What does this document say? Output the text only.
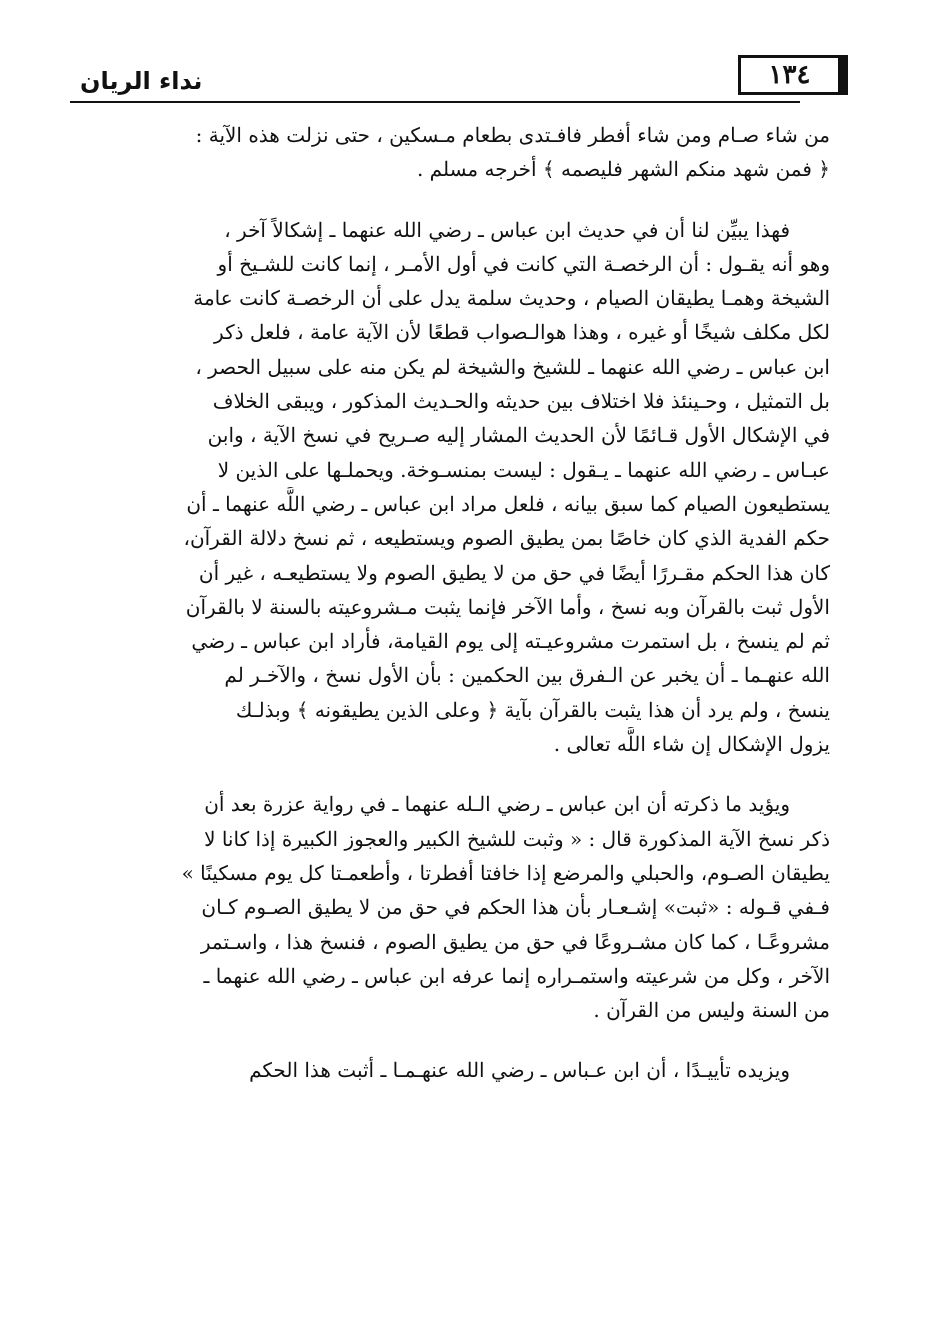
١٣٤
نداء الريان
من شاء صـام ومن شاء أفطر فافـتدى بطعام مـسكين ، حتى نزلت هذه الآية :
﴿ فمن شهد منكم الشهر فليصمه ﴾ أخرجه مسلم .
فهذا يبيِّن لنا أن في حديث ابن عباس ـ رضي الله عنهما ـ إشكالاً آخر ،
وهو أنه يقـول : أن الرخصـة التي كانت في أول الأمـر ، إنما كانت للشـيخ أو
الشيخة وهمـا يطيقان الصيام ، وحديث سلمة يدل على أن الرخصـة كانت عامة
لكل مكلف شيخًا أو غيره ، وهذا هوالـصواب قطعًا لأن الآية عامة ، فلعل ذكر
ابن عباس ـ رضي الله عنهما ـ للشيخ والشيخة لم يكن منه على سبيل الحصر ،
بل التمثيل ، وحـينئذ فلا اختلاف بين حديثه والحـديث المذكور ، ويبقى الخلاف
في الإشكال الأول قـائمًا لأن الحديث المشار إليه صـريح في نسخ الآية ، وابن
عبـاس ـ رضي الله عنهما ـ يـقول : ليست بمنسـوخة. ويحملـها على الذين لا
يستطيعون الصيام كما سبق بيانه ، فلعل مراد ابن عباس ـ رضي اللَّه عنهما ـ أن
حكم الفدية الذي كان خاصًا بمن يطيق الصوم ويستطيعه ، ثم نسخ دلالة القرآن،
كان هذا الحكم مقـررًا أيضًا في حق من لا يطيق الصوم ولا يستطيعـه ، غير أن
الأول ثبت بالقرآن وبه نسخ ، وأما الآخر فإنما يثبت مـشروعيته بالسنة لا بالقرآن
ثم لم ينسخ ، بل استمرت مشروعيـته إلى يوم القيامة، فأراد ابن عباس ـ رضي
الله عنهـما ـ أن يخبر عن الـفرق بين الحكمين : بأن الأول نسخ ، والآخـر لم
ينسخ ، ولم يرد أن هذا يثبت بالقرآن بآية ﴿ وعلى الذين يطيقونه ﴾ وبذلـك
يزول الإشكال إن شاء اللَّه تعالى .
ويؤيد ما ذكرته أن ابن عباس ـ رضي الـله عنهما ـ في رواية عزرة بعد أن
ذكر نسخ الآية المذكورة قال : « وثبت للشيخ الكبير والعجوز الكبيرة إذا كانا لا
يطيقان الصـوم، والحبلي والمرضع إذا خافتا أفطرتا ، وأطعمـتا كل يوم مسكينًا »
فـفي قـوله : «ثبت» إشـعـار بأن هذا الحكم في حق من لا يطيق الصـوم كـان
مشروعًـا ، كما كان مشـروعًا في حق من يطيق الصوم ، فنسخ هذا ، واسـتمر
الآخر ، وكل من شرعيته واستمـراره إنما عرفه ابن عباس ـ رضي الله عنهما ـ
من السنة وليس من القرآن .
ويزيده تأييـدًا ، أن ابن عـباس ـ رضي الله عنهـمـا ـ أثبت هذا الحكم
